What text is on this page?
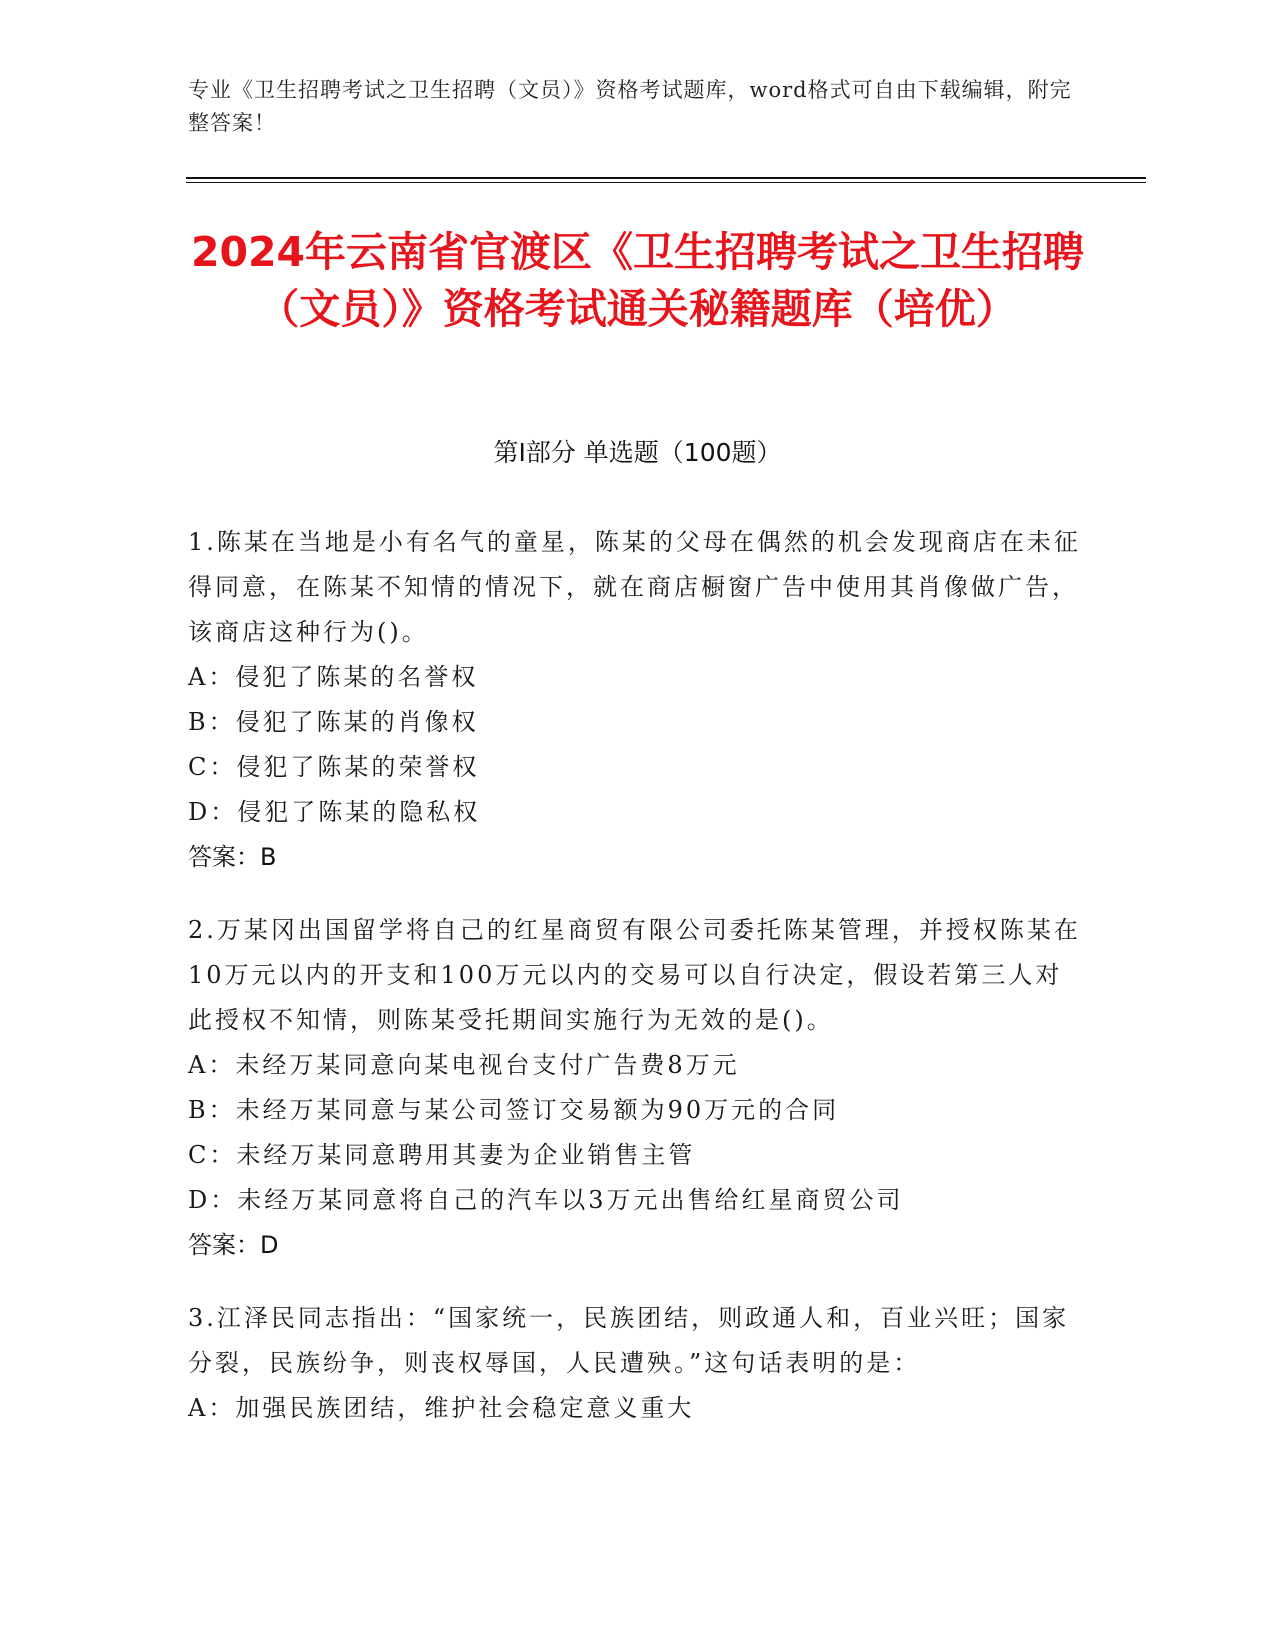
专业《卫生招聘考试之卫生招聘（文员）》资格考试题库，word格式可自由下载编辑，附完整答案！
2024年云南省官渡区《卫生招聘考试之卫生招聘（文员）》资格考试通关秘籍题库（培优）
第I部分 单选题（100题）
1.陈某在当地是小有名气的童星，陈某的父母在偶然的机会发现商店在未征得同意，在陈某不知情的情况下，就在商店橱窗广告中使用其肖像做广告，该商店这种行为()。
A：侵犯了陈某的名誉权
B：侵犯了陈某的肖像权
C：侵犯了陈某的荣誉权
D：侵犯了陈某的隐私权
答案：B
2.万某冈出国留学将自己的红星商贸有限公司委托陈某管理，并授权陈某在10万元以内的开支和100万元以内的交易可以自行决定，假设若第三人对此授权不知情，则陈某受托期间实施行为无效的是()。
A：未经万某同意向某电视台支付广告费8万元
B：未经万某同意与某公司签订交易额为90万元的合同
C：未经万某同意聘用其妻为企业销售主管
D：未经万某同意将自己的汽车以3万元出售给红星商贸公司
答案：D
3.江泽民同志指出：“国家统一，民族团结，则政通人和，百业兴旺；国家分裂，民族纷争，则丧权辱国，人民遭殃。”这句话表明的是：
A：加强民族团结，维护社会稳定意义重大
